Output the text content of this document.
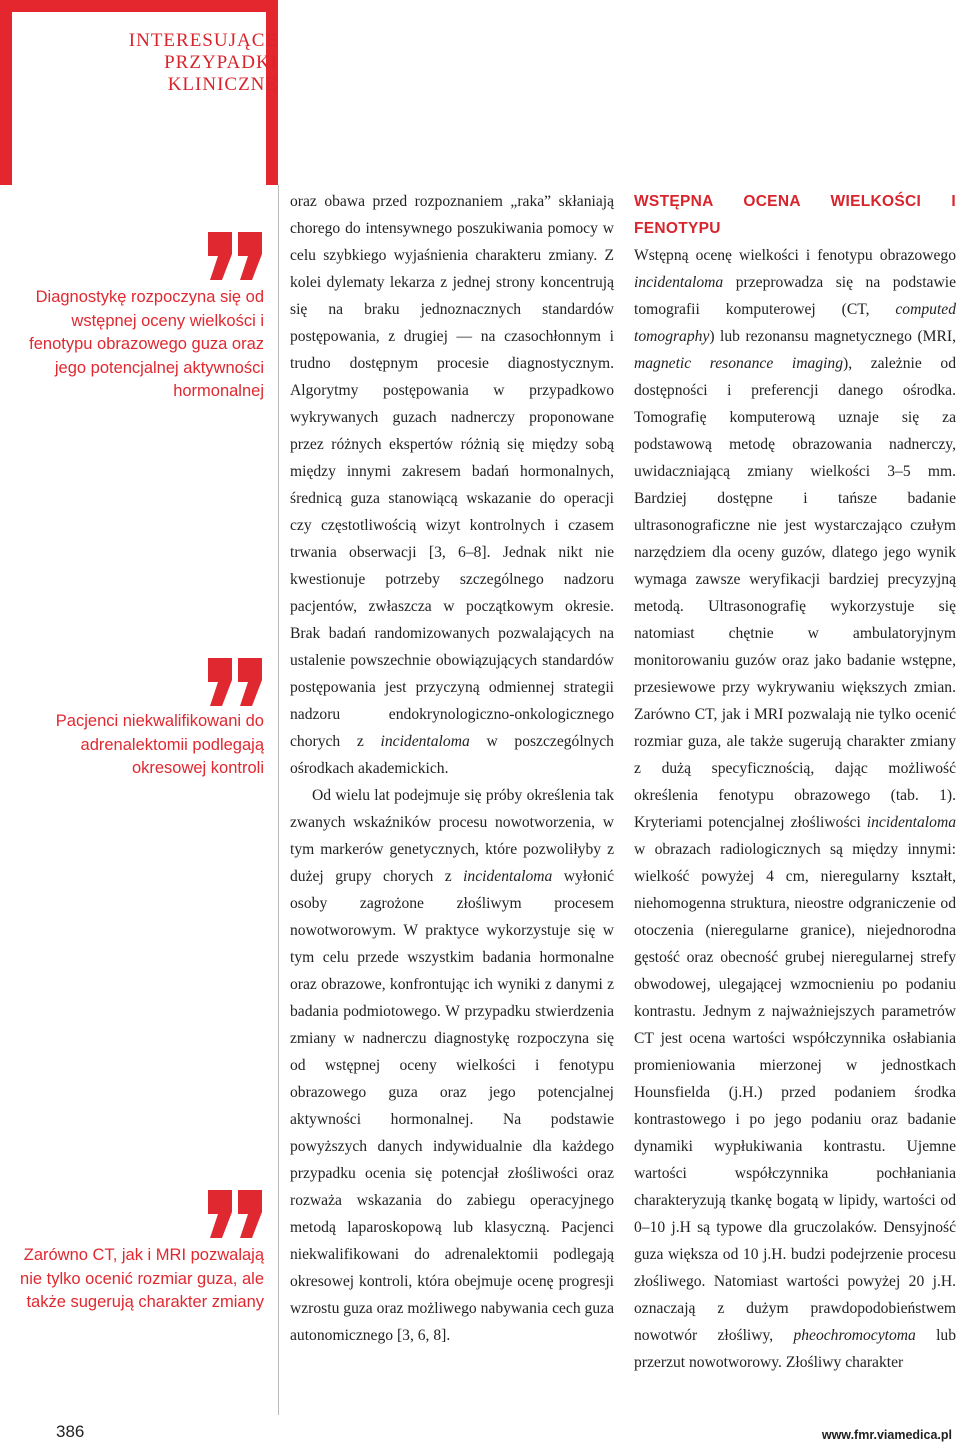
INTERESUJĄCE
PRZYPADKI
KLINICZNE
Diagnostykę rozpoczyna się od wstępnej oceny wielkości i fenotypu obrazowego guza oraz jego potencjalnej aktywności hormonalnej
Pacjenci niekwalifikowani do adrenalektomii podlegają okresowej kontroli
Zarówno CT, jak i MRI pozwalają nie tylko ocenić rozmiar guza, ale także sugerują charakter zmiany

oraz obawa przed rozpoznaniem „raka” skłaniają chorego do intensywnego poszukiwania pomocy w celu szybkiego wyjaśnienia charakteru zmiany. Z kolei dylematy lekarza z jednej strony koncentrują się na braku jednoznacznych standardów postępowania, z drugiej — na czasochłonnym i trudno dostępnym procesie diagnostycznym. Algorytmy postępowania w przypadkowo wykrywanych guzach nadnerczy proponowane przez różnych ekspertów różnią się między sobą między innymi zakresem badań hormonalnych, średnicą guza stanowiącą wskazanie do operacji czy częstotliwością wizyt kontrolnych i czasem trwania obserwacji [3, 6–8]. Jednak nikt nie kwestionuje potrzeby szczególnego nadzoru pacjentów, zwłaszcza w początkowym okresie. Brak badań randomizowanych pozwalających na ustalenie powszechnie obowiązujących standardów postępowania jest przyczyną odmiennej strategii nadzoru endokrynologiczno-onkologicznego chorych z incidentaloma w poszczególnych ośrodkach akademickich.

Od wielu lat podejmuje się próby określenia tak zwanych wskaźników procesu nowotworzenia, w tym markerów genetycznych, które pozwoliłyby z dużej grupy chorych z incidentaloma wyłonić osoby zagrożone złośliwym procesem nowotworowym. W praktyce wykorzystuje się w tym celu przede wszystkim badania hormonalne oraz obrazowe, konfrontując ich wyniki z danymi z badania podmiotowego. W przypadku stwierdzenia zmiany w nadnerczu diagnostykę rozpoczyna się od wstępnej oceny wielkości i fenotypu obrazowego guza oraz jego potencjalnej aktywności hormonalnej. Na podstawie powyższych danych indywidualnie dla każdego przypadku ocenia się potencjał złośliwości oraz rozważa wskazania do zabiegu operacyjnego metodą laparoskopową lub klasyczną. Pacjenci niekwalifikowani do adrenalektomii podlegają okresowej kontroli, która obejmuje ocenę progresji wzrostu guza oraz możliwego nabywania cech guza autonomicznego [3, 6, 8].

WSTĘPNA OCENA WIELKOŚCI I FENOTYPU

Wstępną ocenę wielkości i fenotypu obrazowego incidentaloma przeprowadza się na podstawie tomografii komputerowej (CT, computed tomography) lub rezonansu magnetycznego (MRI, magnetic resonance imaging), zależnie od dostępności i preferencji danego ośrodka. Tomografię komputerową uznaje się za podstawową metodę obrazowania nadnerczy, uwidaczniającą zmiany wielkości 3–5 mm. Bardziej dostępne i tańsze badanie ultrasonograficzne nie jest wystarczająco czułym narzędziem dla oceny guzów, dlatego jego wynik wymaga zawsze weryfikacji bardziej precyzyjną metodą. Ultrasonografię wykorzystuje się natomiast chętnie w ambulatoryjnym monitorowaniu guzów oraz jako badanie wstępne, przesiewowe przy wykrywaniu większych zmian. Zarówno CT, jak i MRI pozwalają nie tylko ocenić rozmiar guza, ale także sugerują charakter zmiany z dużą specyficznością, dając możliwość określenia fenotypu obrazowego (tab. 1). Kryteriami potencjalnej złośliwości incidentaloma w obrazach radiologicznych są między innymi: wielkość powyżej 4 cm, nieregularny kształt, niehomogenna struktura, nieostre odgraniczenie od otoczenia (nieregularne granice), niejednorodna gęstość oraz obecność grubej nieregularnej strefy obwodowej, ulegającej wzmocnieniu po podaniu kontrastu. Jednym z najważniejszych parametrów CT jest ocena wartości współczynnika osłabiania promieniowania mierzonej w jednostkach Hounsfielda (j.H.) przed podaniem środka kontrastowego i po jego podaniu oraz badanie dynamiki wypłukiwania kontrastu. Ujemne wartości współczynnika pochłaniania charakteryzują tkankę bogatą w lipidy, wartości od 0–10 j.H są typowe dla gruczolaków. Densyjność guza większa od 10 j.H. budzi podejrzenie procesu złośliwego. Natomiast wartości powyżej 20 j.H. oznaczają z dużym prawdopodobieństwem nowotwór złośliwy, pheochromocytoma lub przerzut nowotworowy. Złośliwy charakter

386	www.fmr.viamedica.pl
